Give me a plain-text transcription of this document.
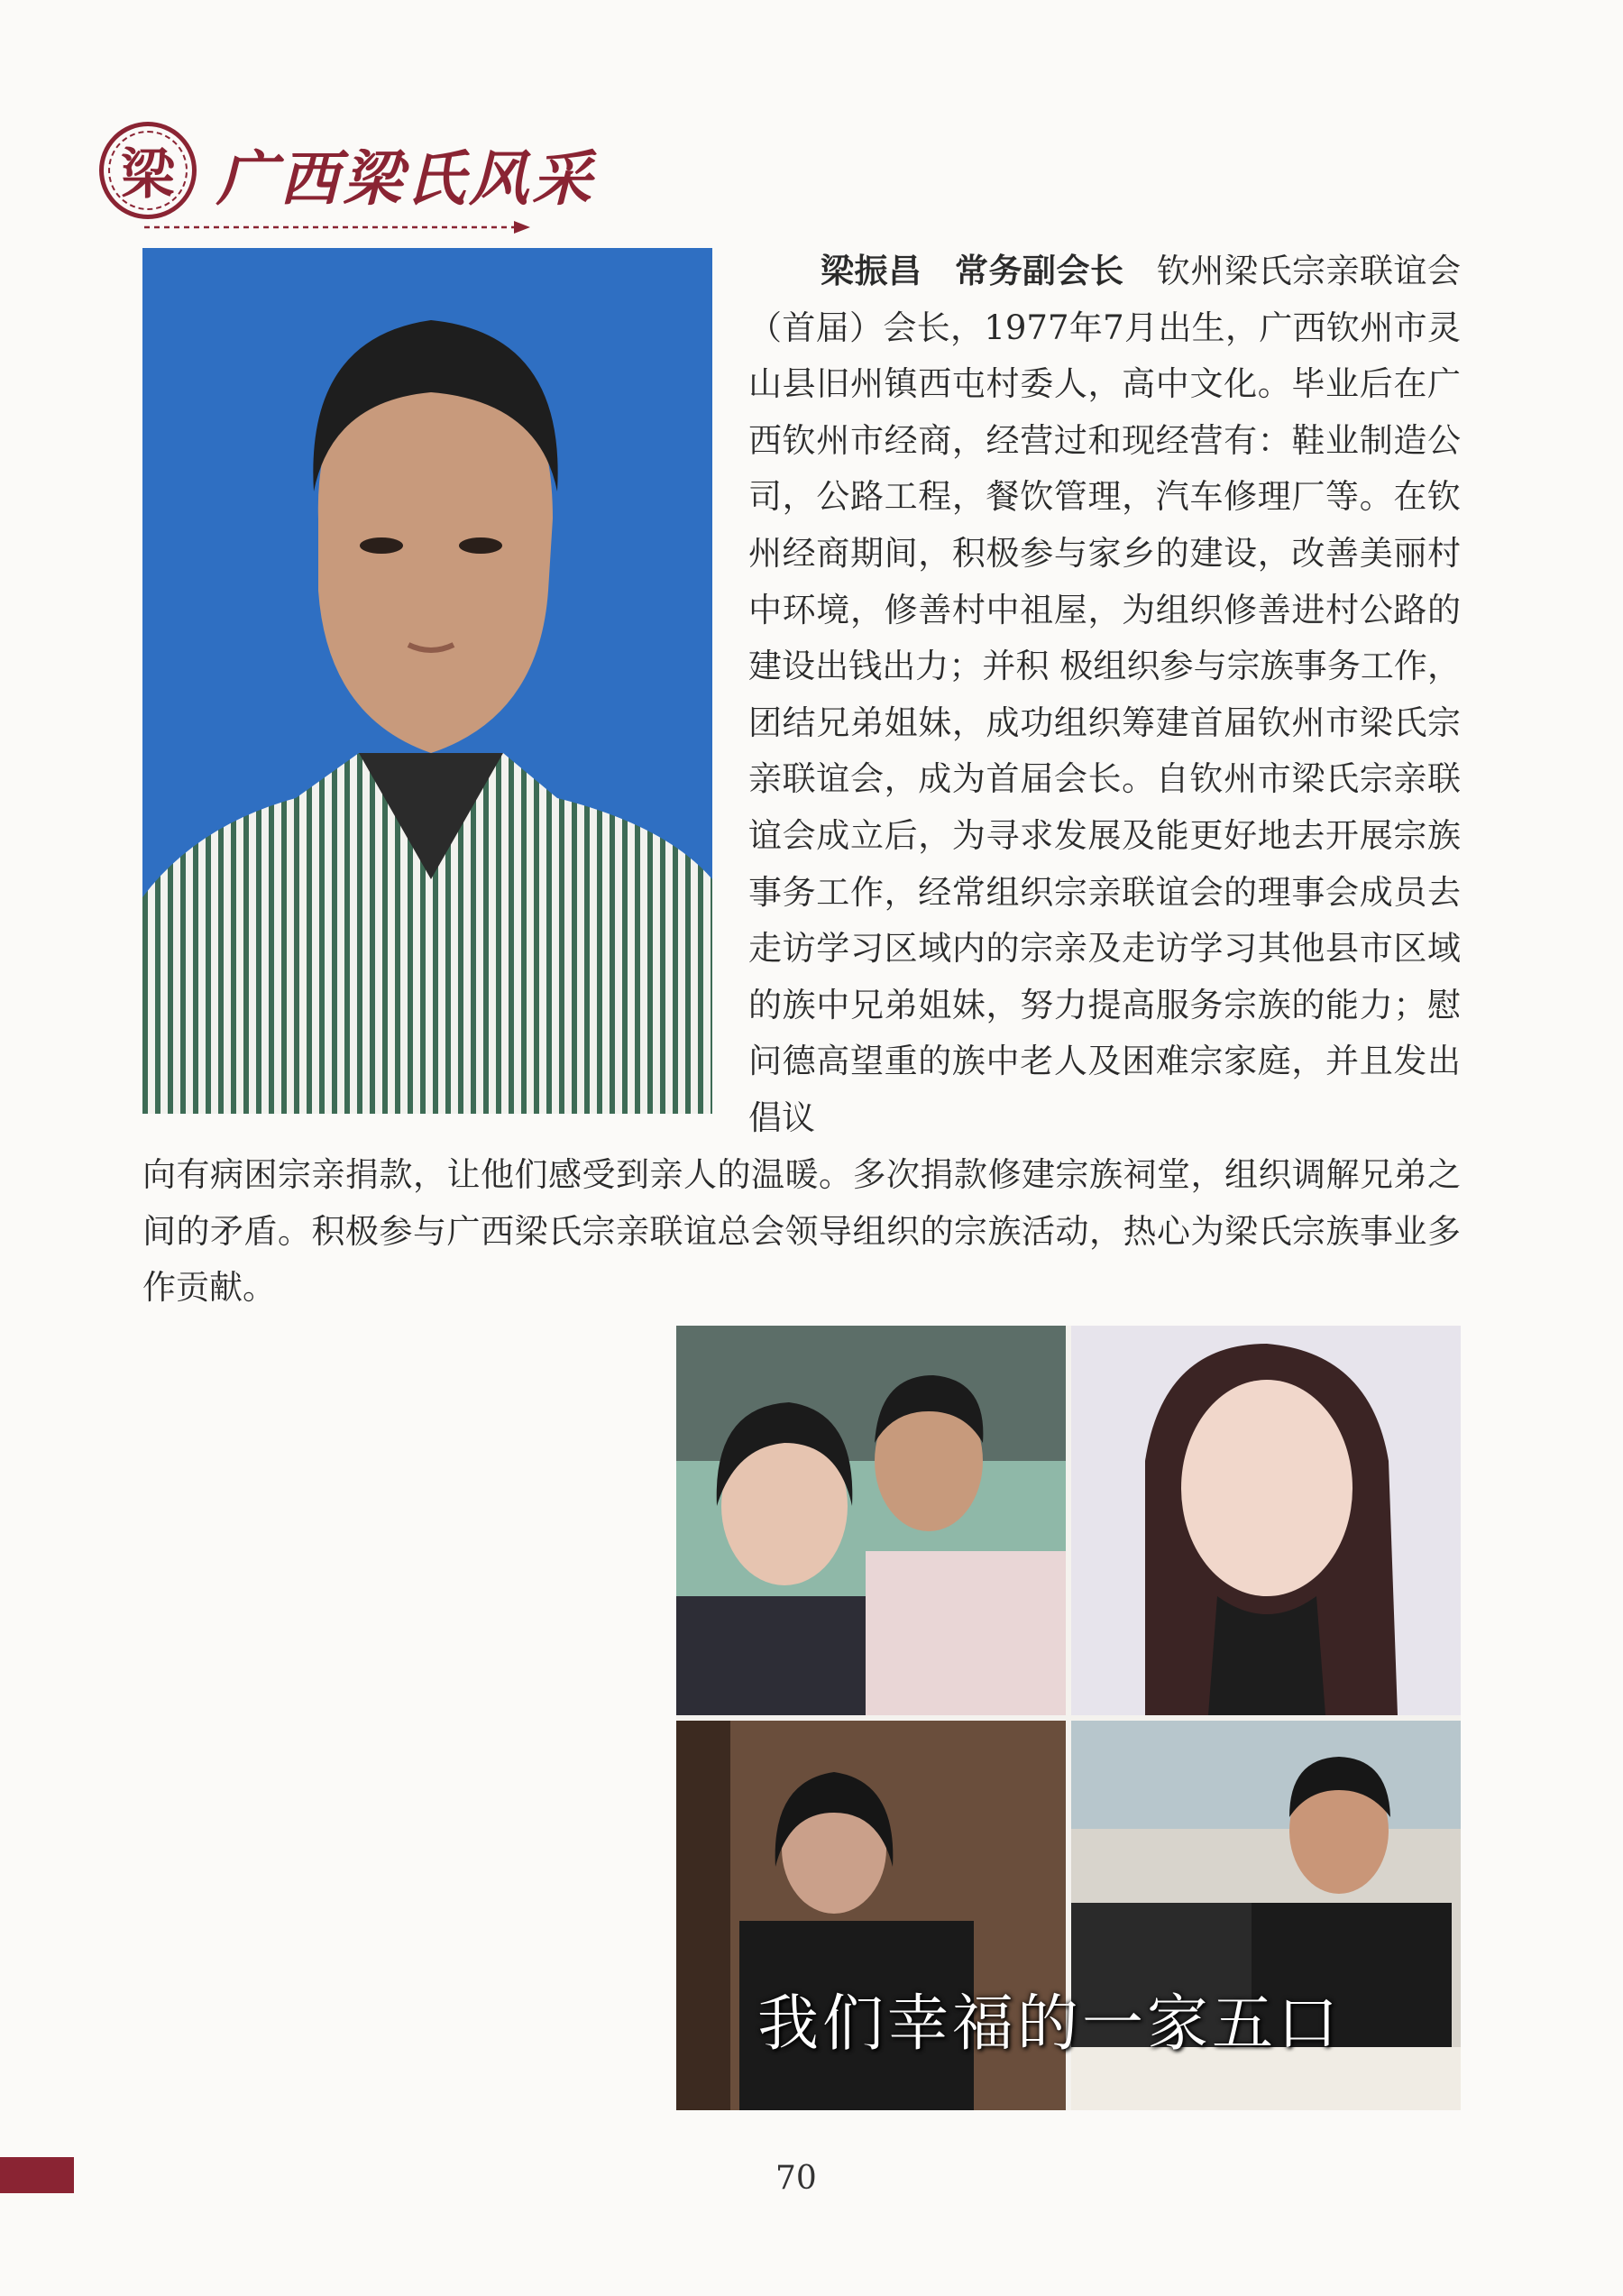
梁 广西梁氏风采
梁振昌 常务副会长 钦州梁氏宗亲联谊会（首届）会长，1977年7月出生，广西钦州市灵山县旧州镇西屯村委人，高中文化。毕业后在广西钦州市经商，经营过和现经营有：鞋业制造公司，公路工程，餐饮管理，汽车修理厂等。在钦州经商期间，积极参与家乡的建设，改善美丽村中环境，修善村中祖屋，为组织修善进村公路的建设出钱出力；并积 极组织参与宗族事务工作，团结兄弟姐妹，成功组织筹建首届钦州市梁氏宗亲联谊会，成为首届会长。自钦州市梁氏宗亲联谊会成立后，为寻求发展及能更好地去开展宗族事务工作，经常组织宗亲联谊会的理事会成员去走访学习区域内的宗亲及走访学习其他县市区域的族中兄弟姐妹，努力提高服务宗族的能力；慰问德高望重的族中老人及困难宗家庭，并且发出倡议
向有病困宗亲捐款，让他们感受到亲人的温暖。多次捐款修建宗族祠堂，组织调解兄弟之间的矛盾。积极参与广西梁氏宗亲联谊总会领导组织的宗族活动，热心为梁氏宗族事业多作贡献。
我们幸福的一家五口
70
